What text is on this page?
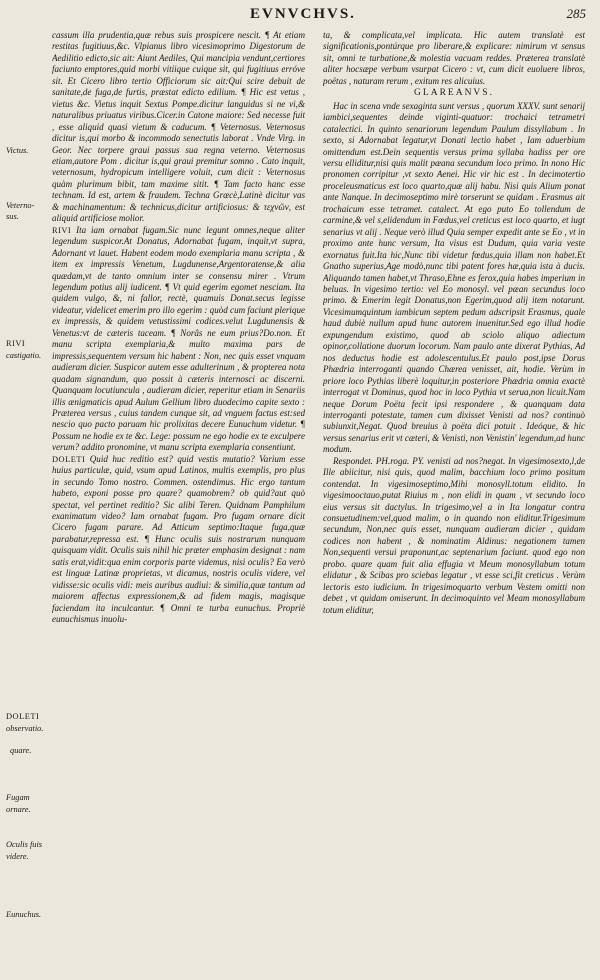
EVNVCHVS.	285
Victus.
Veterno-
sus.
RIVI
castigatio.
DOLETI
observatio.
quare.
Fugam
ornare.
Oculis fuis
videre.
Eunuchus.

cassum illa prudentia,quæ rebus suis prospicere nescit. ¶ At etiam restitas fugitiuus,&c. Vlpianus libro vicesimoprimo Digestorum de Aedilitio edicto,sic ait: Aiunt Aediles, Qui mancipia vendunt,certiores faciunto emptores,quid morbi vitiique cuique sit, qui fugitiuus erróve sit. Et Cicero libro tertio Officiorum sic ait:Qui scire debuit de sanitate,de fuga,de furtis, præstat edicto edilium. ¶ Hic est vetus , vietus &c. Vietus inquit Sextus Pompe.dicitur languidus si ne vi,& naturalibus priuatus viribus.Cicer.in Catone maiore: Sed necesse fuit , esse aliquid quasi vietum & caducum. ¶ Veternosus. Veternosus dicitur is,qui morbo & incommodo senectutis laborat . Vnde Virg. in Geor. Nec torpere graui passus sua regna veterno. Veternosus etiam,autore Pom . dicitur is,qui graui premitur somno . Cato inquit, veternosum, hydropicum intelligere voluit, cum dicit : Veternosus quàm plurimum bibit, tam maxime sitit. ¶ Tam facto hanc esse technam. Id est, artem & fraudem. Techna Græcè,Latinè dicitur vas & machinamentum: & technicus,dicitur artificiosus: & τεχνῶν, est aliquid artificiose molior.

RIVI Ita iam ornabat fugam.Sic nunc legunt omnes,neque aliter legendum suspicor.At Donatus, Adornabat fugam, inquit,vt supra, Adornant vt lauet. Habent eodem modo exemplaria manu scripta , & item ex impressis Venetum, Lugdunense,Argentoratense,& alia quædam,vt de tanto omnium inter se consensu mirer . Vtrum legendum potius alij iudicent. ¶ Vt quid egerim egomet nesciam. Ita quidem vulgo, &, ni fallor, rectè, quamuis Donat.secus legisse videatur, videlicet emerim pro illo egerim : quòd cum faciunt plerique ex impressis, & quidem vetustissimi codices.velut Lugdunensis & Venetus:vt de cæteris taceam. ¶ Norâs ne eum prius?Do.non. Et manu scripta exemplaria,& multo maxima pars de impressis,sequentem versum hic habent : Non, nec quis esset vnquam audieram dicier. Suspicor autem esse adulterinum , & propterea nota quadam signandum, quo possit à cæteris internosci ac discerni. Quanquam locutiuncula , audieram dicier, reperitur etiam in Senariis illis ænigmaticis apud Aulum Gellium libro duodecimo capite sexto : Præterea versus , cuius tandem cunque sit, ad vnguem factus est:sed nescio quo pacto paruam hic prolixitas decere Eunuchum videtur. ¶ Possum ne hodie ex te &c. Lege: possum ne ego hodie ex te exculpere verum? addito pronomine, vt manu scripta exemplaria consentiunt.

DOLETI Quid huc reditio est? quid vestis mutatio? Varium esse huius particulæ, quid, vsum apud Latinos, multis exemplis, pro plus in secundo Tomo nostro. Commen. ostendimus. Hic ergo tantum habeto, exponi posse pro quare? quamobrem? ob quid?aut quò spectat, vel pertinet reditio? Sic alibi Teren. Quidnam Pamphilum exanimatum video? Iam ornabat fugam. Pro fugam ornare dicit Cicero fugam parare. Ad Atticum septimo:Itaque fuga,quæ parabatur,repressa est. ¶ Hunc oculis suis nostrarum nunquam quisquam vidit. Oculis suis nihil hic præter emphasim designat : nam satis erat,vidit:qua enim corporis parte videmus, nisi oculis? Ea verò est linguæ Latinæ proprietas, vt dicamus, nostris oculis videre, vel vidisse:sic oculis vidi: meis auribus audiui: & similia,quæ tantum ad maiorem affectus expressionem,& ad fidem magis, magisque faciendam ita inculcantur. ¶ Omni te turba eunuchus. Propriè eunuchismus inuolu-

ta, & complicata,vel implicata. Hic autem translatè est significationis,pontúrque pro liberare,& explicare: nimirum vt sensus sit, omni te turbatione,& molestia vacuam reddes. Præterea translatè aliter hocsæpe verbum vsurpat Cicero : vt, cum dicit euoluere libros, poëtas , naturam rerum , exitum res alicuius.

GLAREANVS.

Hac in scena vnde sexaginta sunt versus , quorum XXXV. sunt senarij iambici,sequentes deinde viginti-quatuor: trochaici tetrametri catalectici. In quinto senariorum legendum Paulum dissyllabum . In sexto, si Adornabat legatur,vt Donati lectio habet , Iam aduerbium omittendum est.Dein sequentis versus prima syllaba hadiss per ore versu elliditur,nisi quis malit pæana secundum loco primo. In nono Hic pronomen corripitur ,vt sexto Aenei. Hic vir hic est . In decimotertio proceleusmaticus est loco quarto,quæ alij habu. Nisi quis Alium ponat ante Nanque. In decimoseptimo mirè torserunt se quidam . Erasmus ait trochaicum esse tetramet. catalect. At ego puto Eo tollendum de carmine,& vel s,elidendum in Fœdus,vel creticus est loco quarto, et iugt senarius vt alij . Neque verò illud Quia semper expedit ante se Eo , vt in proximo ante hunc versum, Ita visus est Dudum, quia varia veste exornatus fuit.Ita hic,Nunc tibi videtur fœdus,quia illam non habet.Et Gnatho superius,Age modò,nunc tibi patent fores hæ,quia ista à ducis. Aliquando tamen habet,vt Thraso,Ehne es ferox,quia habes imperium in beluas. In vigesimo tertio: vel Eo monosyl. vel pæan secundus loco primo. & Emerim legit Donatus,non Egerim,quod alij item notarunt. Vicesimumquintum iambicum septem pedum adscripsit Erasmus, quale haud dubiè nullum apud hunc autorem inuenitur.Sed ego illud hodie expungendum existimo, quod ab sciolo aliquo adiectum opinor,collatione duorum locorum. Nam paulo ante dixerat Pythias, Ad nos deductus hodie est adolescentulus.Et paulo post,ipse Dorus Phædria interroganti quando Chærea venisset, ait, hodie. Verùm in priore loco Pythias liberè loquitur,in posteriore Phædria omnia exactè interrogat vt Dominus, quod hoc in loco Pythia vt serua,non licuit.Nam neque Dorum Poëta fecit ipsi respondere , & quanquam data interroganti potestate, tamen cum dixisset Venisti ad nos? continuò subiunxit,Negat. Quod breuius à poëta dici potuit . Ideóque, & hic versus senarius erit vt cæteri, & Venisti, non Venistin' legendum,ad hunc modum.

Respondet. PH.roga. PY. venisti ad nos?negat. In vigesimosexto,l,de Ille abiicitur, nisi quis, quod malim, bacchium loco primo positum contendat. In vigesimoseptimo,Mihi monosyll.totum elidito. In vigesimooctauo,putat Riuius m , non elidi in quam , vt secundo loco eius versus sit dactylus. In trigesimo,vel a in Ita longatur contra consuetudinem:vel,quod malim, o in quando non eliditur.Trigesimum secundum, Non,nec quis esset, nunquam audieram dicier , quidam codices non habent , & nominatim Aldinus: negationem tamen Non,sequenti versui praponunt,ac septenarium faciunt. quod ego non probo. quare quam fuit alia effugia vt Meum monosyllabum totum elidatur , & Scibas pro sciebas legatur , vt esse sci,fit creticus . Verùm lectoris esto iudicium. In trigesimoquarto verbum Vestem omitti non debet , vt quidam omiserunt. In decimoquinto vel Meam monosyllabum totum eliditur,
